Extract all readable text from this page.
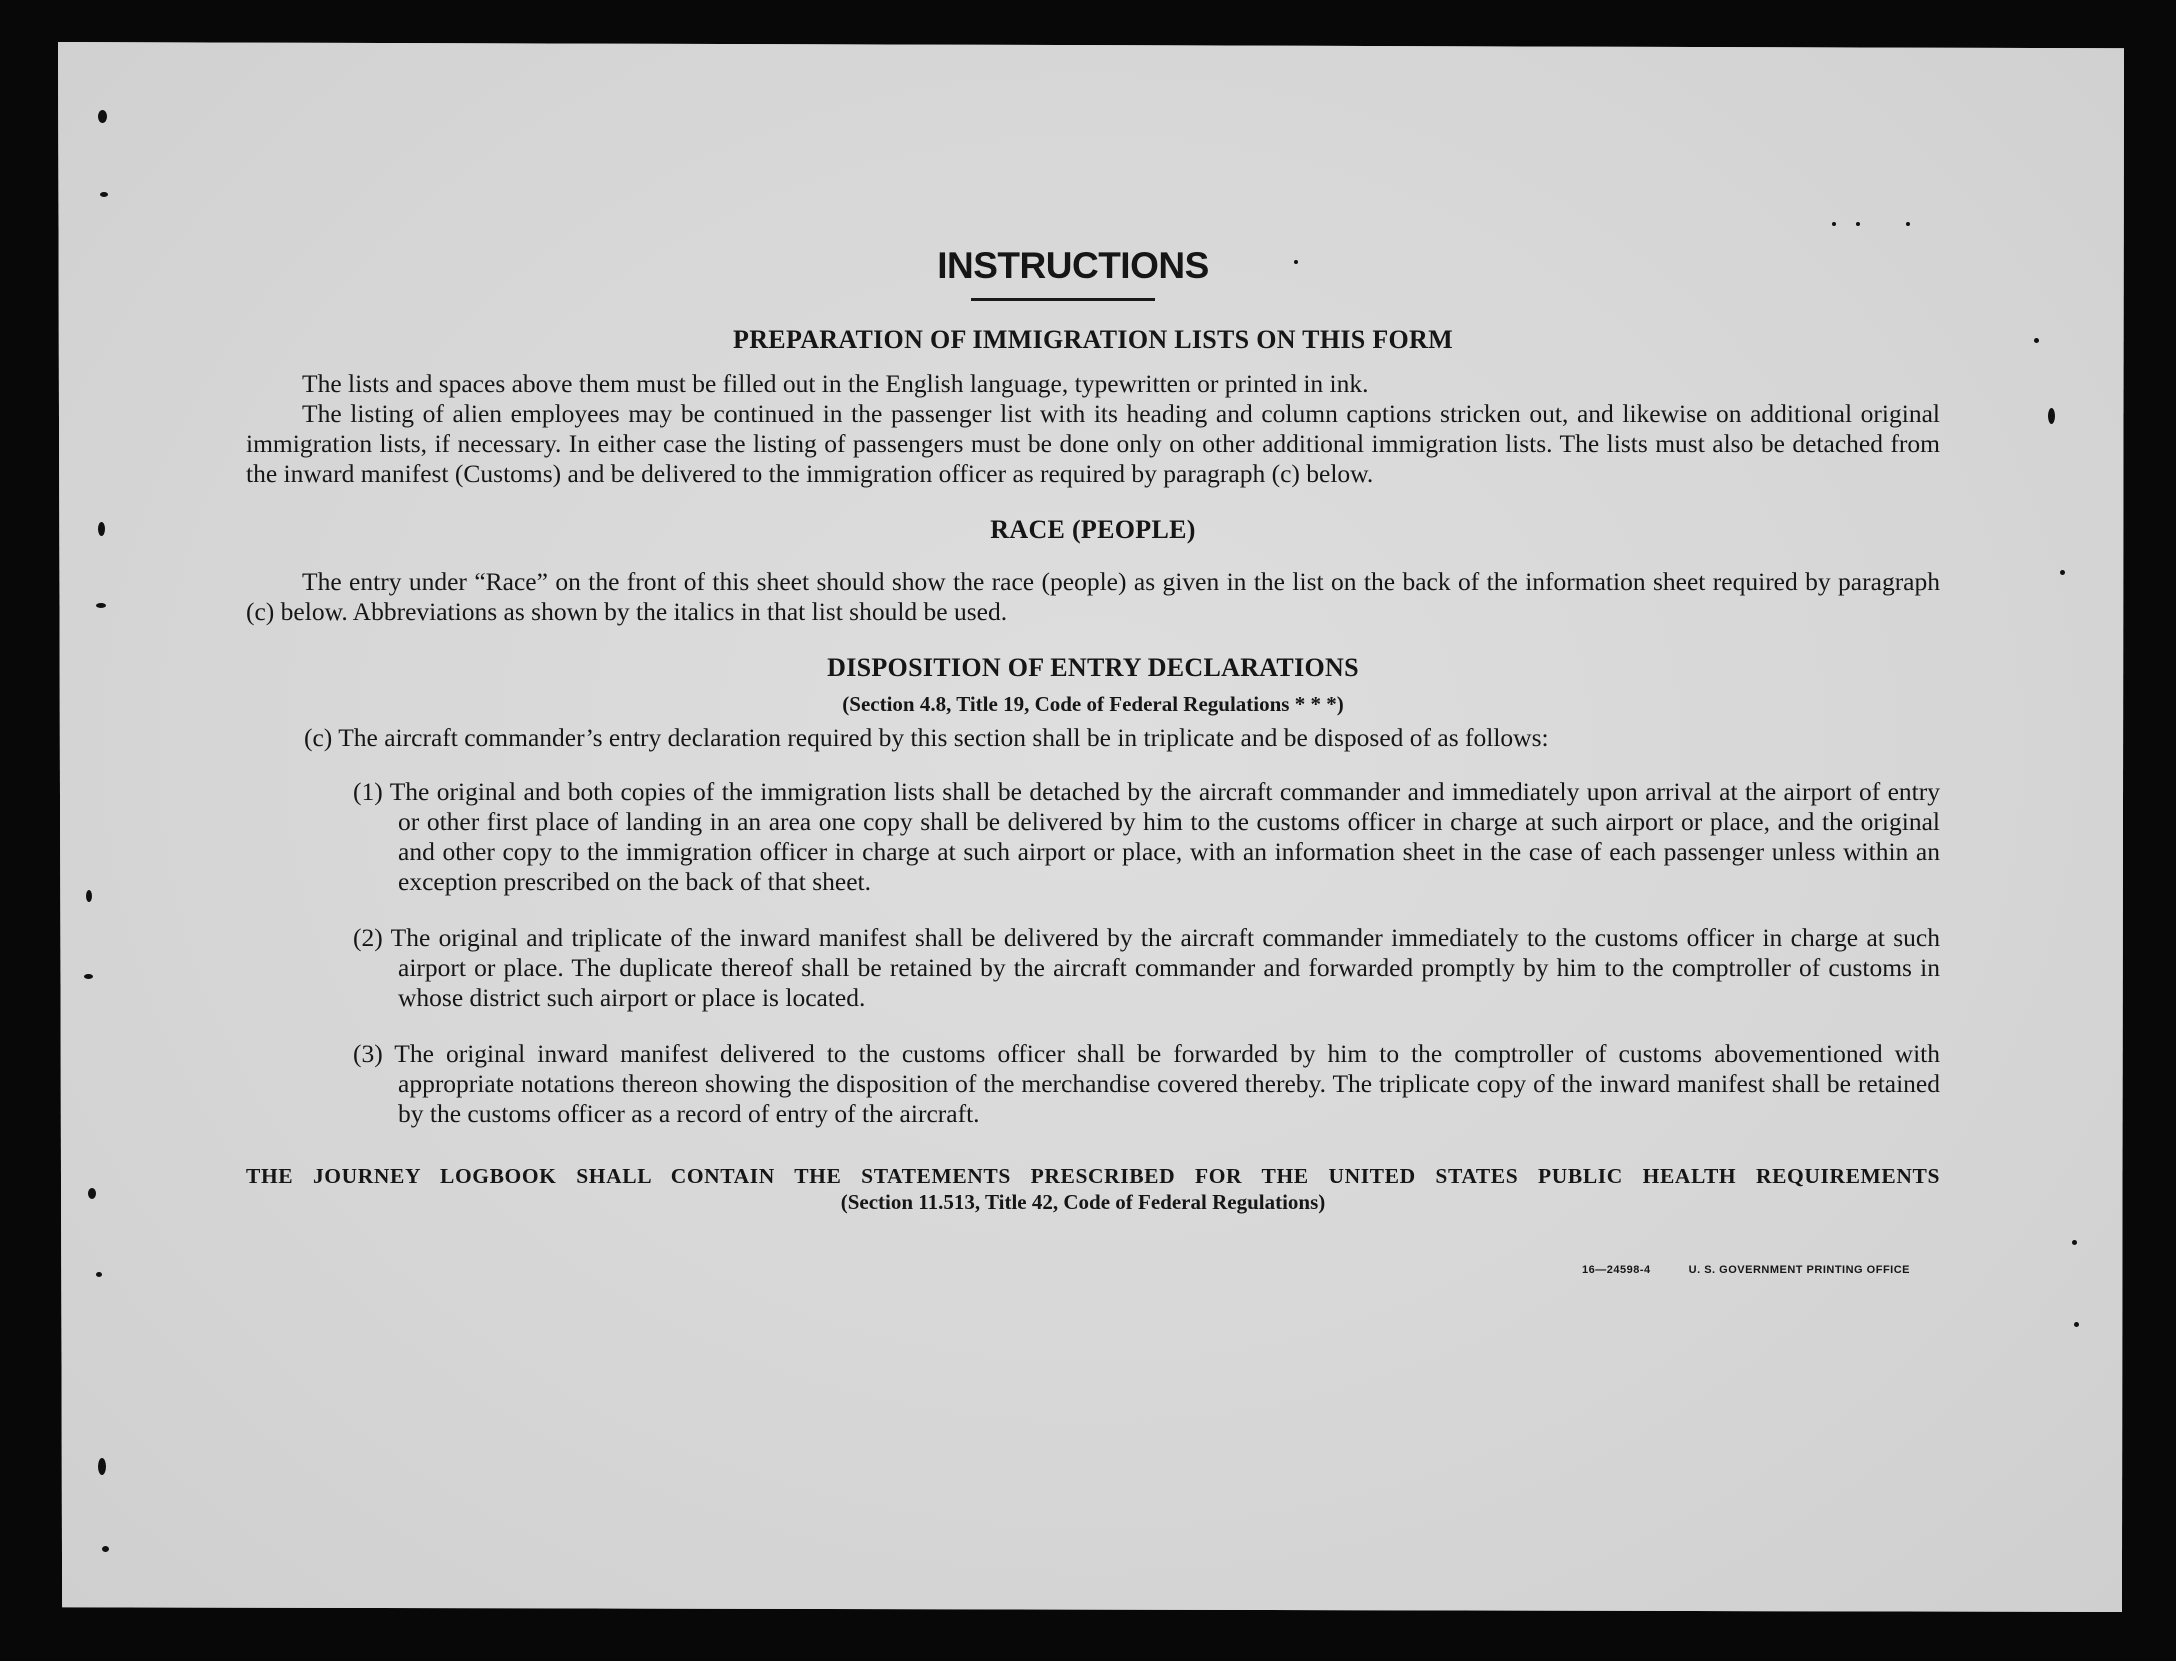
INSTRUCTIONS
PREPARATION OF IMMIGRATION LISTS ON THIS FORM

The lists and spaces above them must be filled out in the English language, typewritten or printed in ink.

The listing of alien employees may be continued in the passenger list with its heading and column captions stricken out, and likewise on additional original immigration lists, if necessary. In either case the listing of passengers must be done only on other additional immigration lists. The lists must also be detached from the inward manifest (Customs) and be delivered to the immigration officer as required by paragraph (c) below.

RACE (PEOPLE)

The entry under “Race” on the front of this sheet should show the race (people) as given in the list on the back of the information sheet required by paragraph (c) below. Abbreviations as shown by the italics in that list should be used.

DISPOSITION OF ENTRY DECLARATIONS
(Section 4.8, Title 19, Code of Federal Regulations * * *)

(c) The aircraft commander’s entry declaration required by this section shall be in triplicate and be disposed of as follows:

(1) The original and both copies of the immigration lists shall be detached by the aircraft commander and immediately upon arrival at the airport of entry or other first place of landing in an area one copy shall be delivered by him to the customs officer in charge at such airport or place, and the original and other copy to the immigration officer in charge at such airport or place, with an information sheet in the case of each passenger unless within an exception prescribed on the back of that sheet.
(2) The original and triplicate of the inward manifest shall be delivered by the aircraft commander immediately to the customs officer in charge at such airport or place. The duplicate thereof shall be retained by the aircraft commander and forwarded promptly by him to the comptroller of customs in whose district such airport or place is located.
(3) The original inward manifest delivered to the customs officer shall be forwarded by him to the comptroller of customs abovementioned with appropriate notations thereon showing the disposition of the merchandise covered thereby. The triplicate copy of the inward manifest shall be retained by the customs officer as a record of entry of the aircraft.
THE JOURNEY LOGBOOK SHALL CONTAIN THE STATEMENTS PRESCRIBED FOR THE UNITED STATES PUBLIC HEALTH REQUIREMENTS
(Section 11.513, Title 42, Code of Federal Regulations)
16—24598-4	U. S. GOVERNMENT PRINTING OFFICE
